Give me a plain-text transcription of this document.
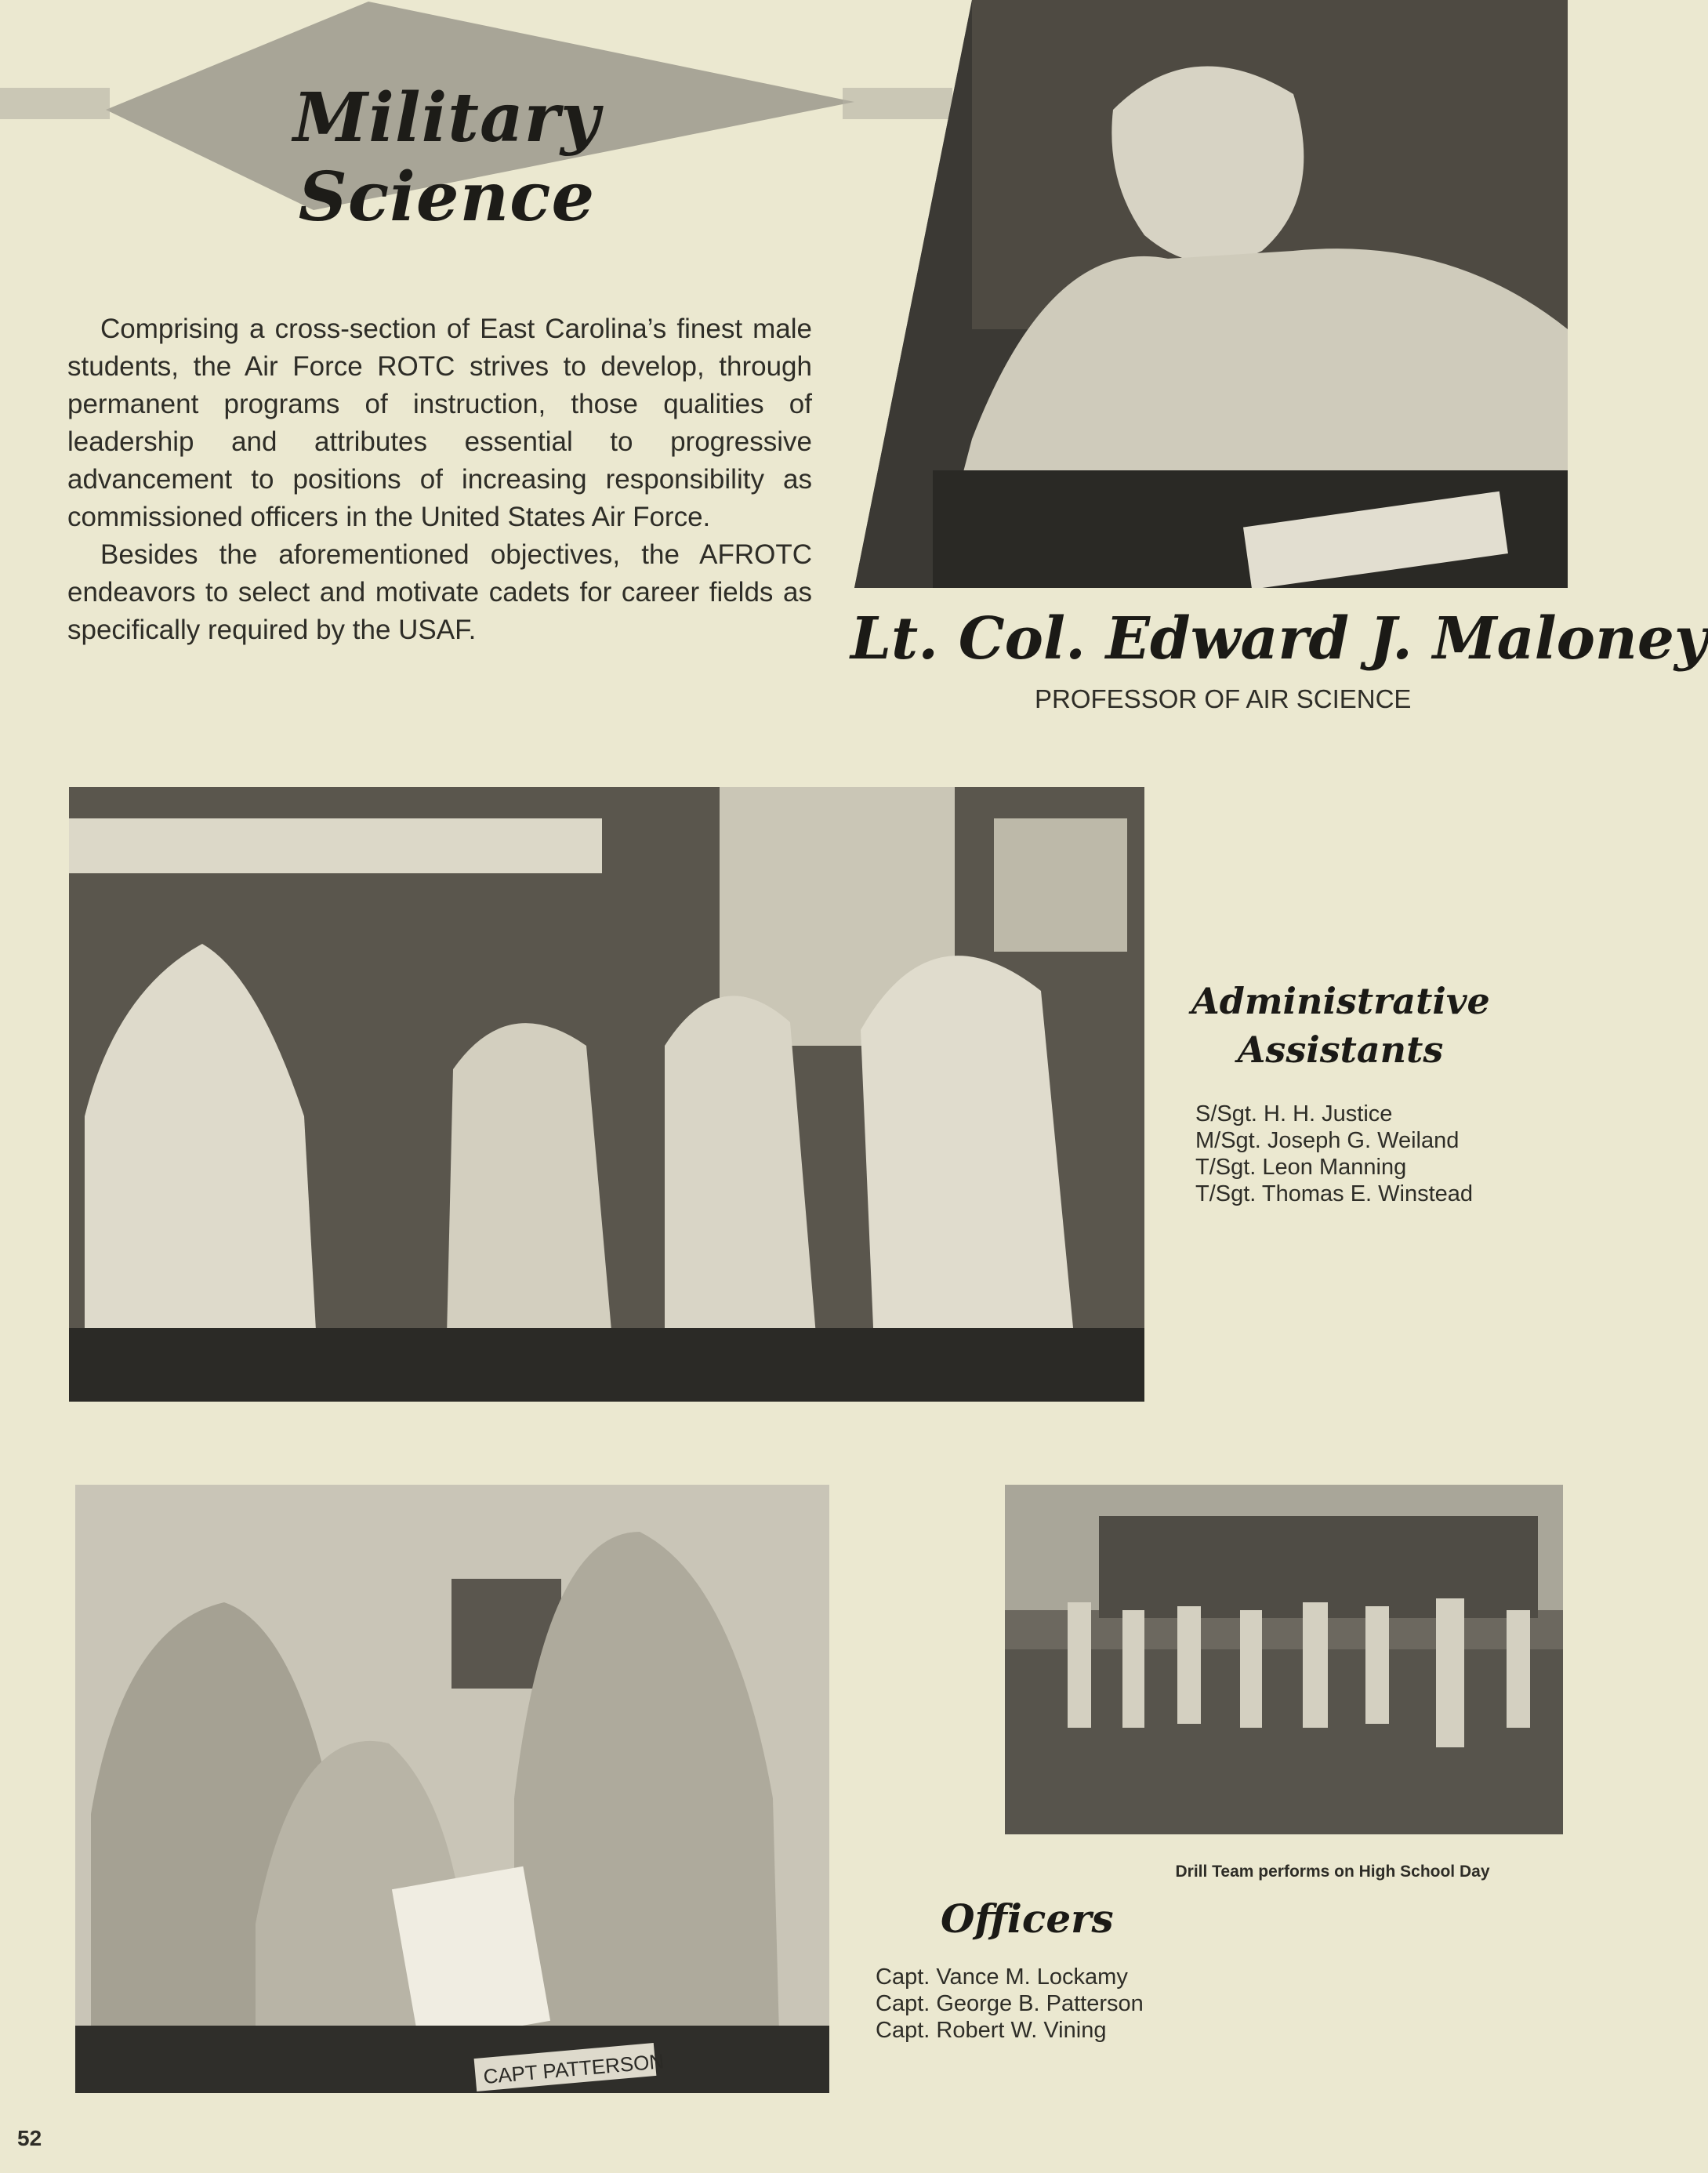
Military Science

Comprising a cross-section of East Carolina’s finest male students, the Air Force ROTC strives to develop, through permanent programs of instruction, those qualities of leadership and attributes essential to progressive advancement to positions of increasing responsibility as commissioned officers in the United States Air Force.

Besides the aforementioned objectives, the AFROTC endeavors to select and motivate cadets for career fields as specifically required by the USAF.	Lt. Col. Edward J. Maloney
PROFESSOR OF AIR SCIENCE
Administrative
Assistants
S/Sgt. H. H. Justice
M/Sgt. Joseph G. Weiland
T/Sgt. Leon Manning
T/Sgt. Thomas E. Winstead
CAPT PATTERSON
Drill Team performs on High School Day
Officers
Capt. Vance M. Lockamy
Capt. George B. Patterson
Capt. Robert W. Vining
52
